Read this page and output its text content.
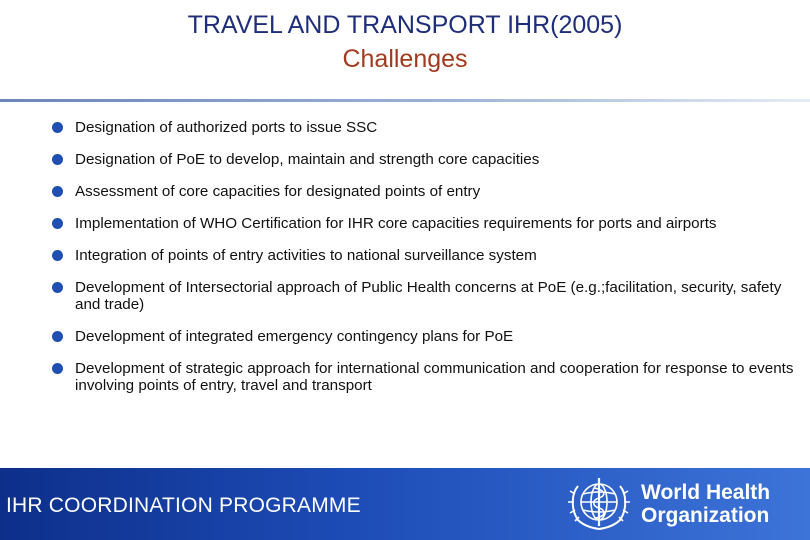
TRAVEL AND TRANSPORT IHR(2005)
Challenges
Designation of authorized ports to issue SSC
Designation of PoE to develop, maintain and strength core capacities
Assessment of core capacities for designated points of entry
Implementation of WHO Certification for IHR core capacities requirements for ports and airports
Integration of points of entry activities to national surveillance system
Development of Intersectorial approach of Public Health concerns at PoE (e.g.;facilitation, security, safety and trade)
Development of integrated emergency contingency plans for PoE
Development of strategic approach for international communication and cooperation for response to events involving points of entry, travel and transport
IHR COORDINATION PROGRAMME
World Health
Organization
